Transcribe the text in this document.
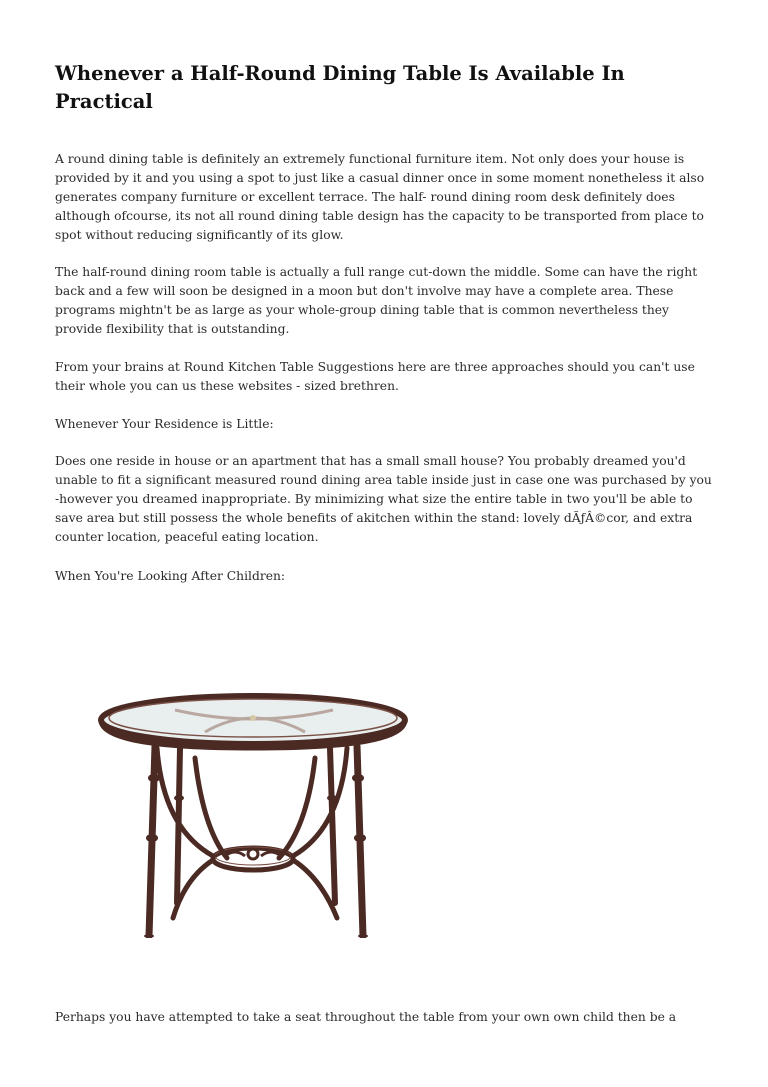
Whenever a Half-Round Dining Table Is Available In Practical

A round dining table is definitely an extremely functional furniture item. Not only does your house is provided by it and you using a spot to just like a casual dinner once in some moment nonetheless it also generates company furniture or excellent terrace. The half- round dining room desk definitely does although ofcourse, its not all round dining table design has the capacity to be transported from place to spot without reducing significantly of its glow.

The half-round dining room table is actually a full range cut-down the middle. Some can have the right back and a few will soon be designed in a moon but don't involve may have a complete area. These programs mightn't be as large as your whole-group dining table that is common nevertheless they provide flexibility that is outstanding.

From your brains at Round Kitchen Table Suggestions here are three approaches should you can't use their whole you can us these websites - sized brethren.

Whenever Your Residence is Little:

Does one reside in house or an apartment that has a small small house? You probably dreamed you'd unable to fit a significant measured round dining area table inside just in case one was purchased by you -however you dreamed inappropriate. By minimizing what size the entire table in two you'll be able to save area but still possess the whole benefits of akitchen within the stand: lovely dÃƒÂ©cor, and extra counter location, peaceful eating location.

When You're Looking After Children:

Perhaps you have attempted to take a seat throughout the table from your own own child then be a
